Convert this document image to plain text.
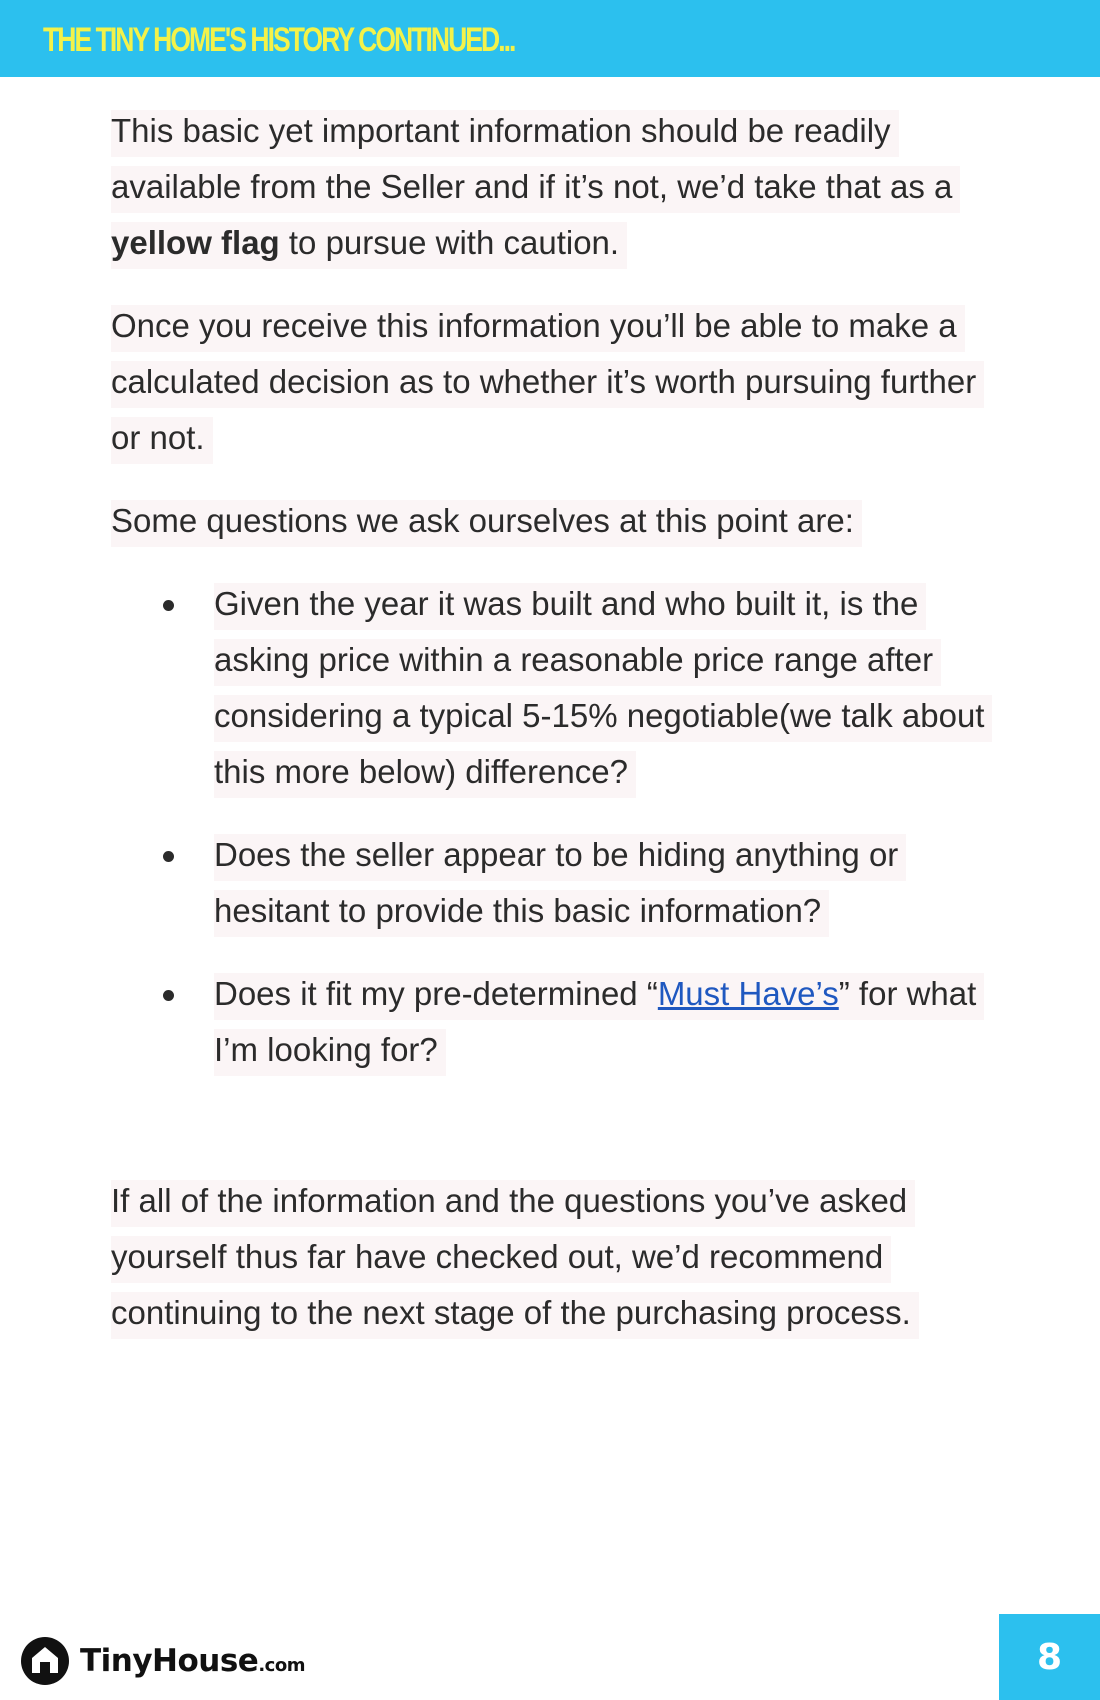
THE TINY HOME'S HISTORY CONTINUED...

This basic yet important information should be readily available from the Seller and if it’s not, we’d take that as a yellow flag to pursue with caution.

Once you receive this information you’ll be able to make a calculated decision as to whether it’s worth pursuing further or not.

Some questions we ask ourselves at this point are:

Given the year it was built and who built it, is the asking price within a reasonable price range after considering a typical 5-15% negotiable(we talk about this more below) difference?
Does the seller appear to be hiding anything or hesitant to provide this basic information?
Does it fit my pre-determined “Must Have’s” for what I’m looking for?

If all of the information and the questions you’ve asked yourself thus far have checked out, we’d recommend continuing to the next stage of the purchasing process.

TinyHouse.com	8
